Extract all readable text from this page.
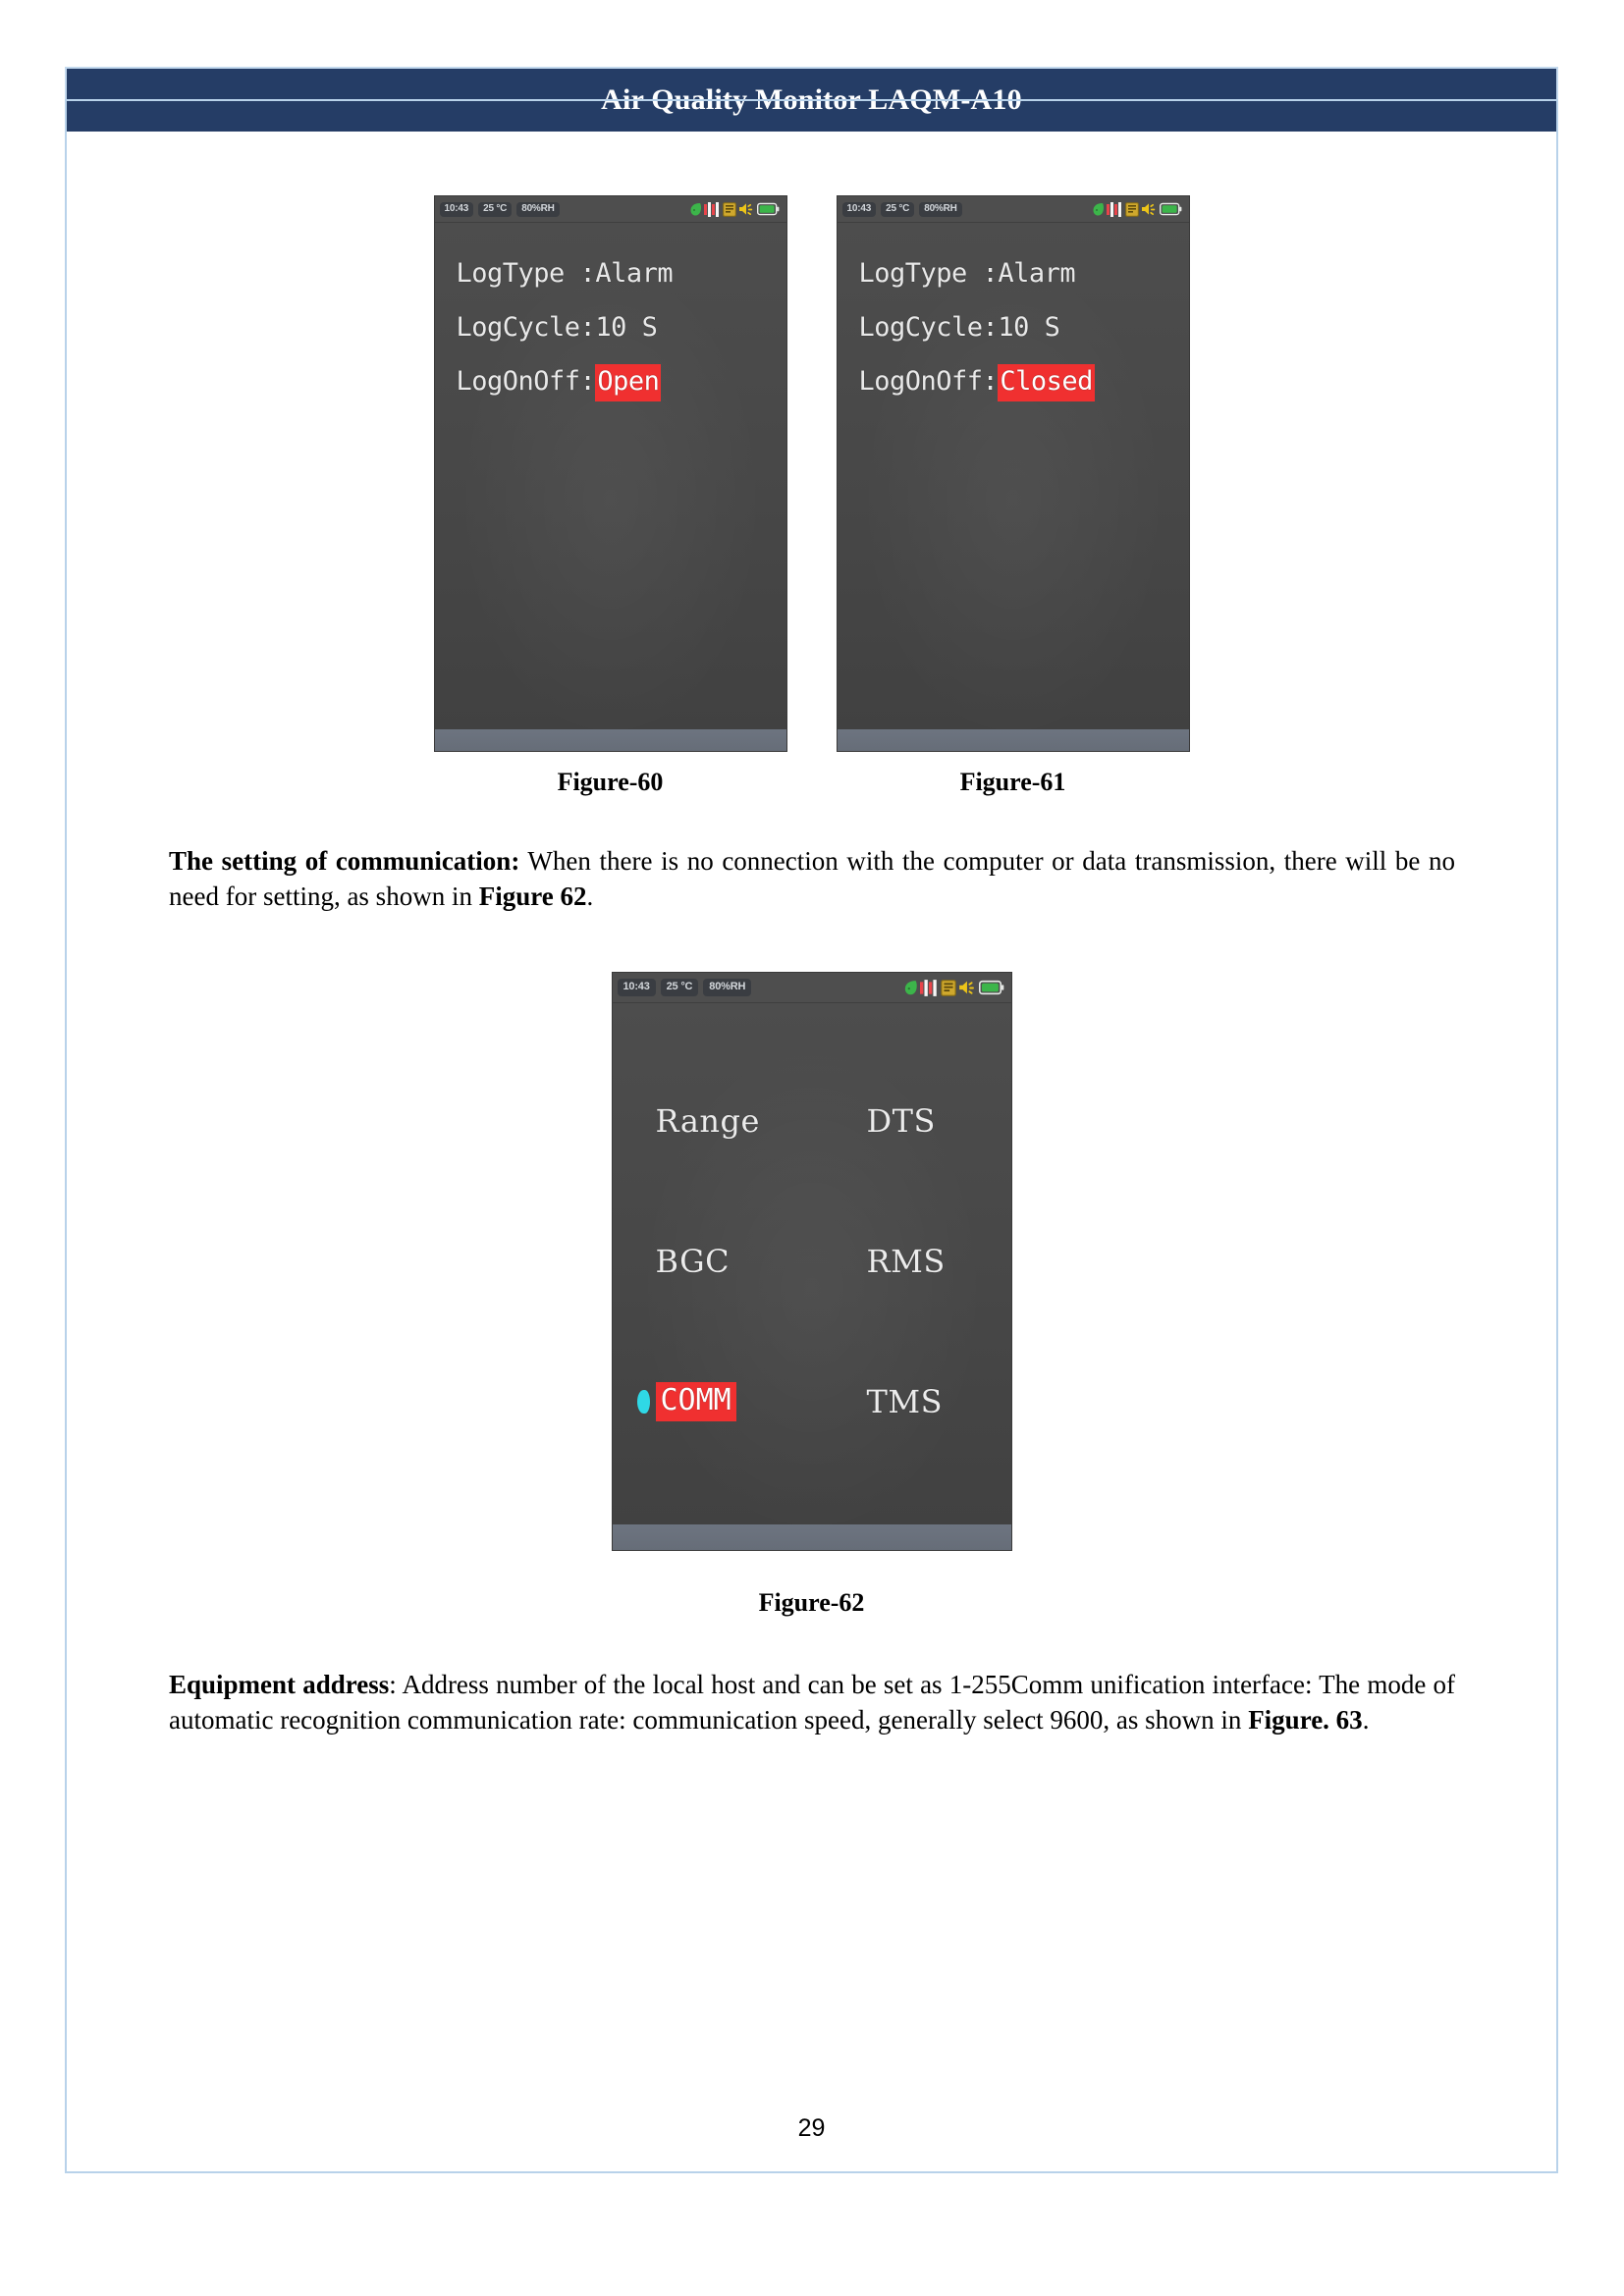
Air Quality Monitor LAQM-A10
10:43	25 °C	80%RH
LogType :Alarm
LogCycle:10 S
LogOnOff:Open
10:43	25 °C	80%RH
LogType :Alarm
LogCycle:10 S
LogOnOff:Closed
Figure-60	Figure-61
The setting of communication: When there is no connection with the computer or data transmission, there will be no need for setting, as shown in Figure 62.
10:43	25 °C	80%RH
Range	DTS
BGC	RMS
COMM	TMS
Figure-62
Equipment address: Address number of the local host and can be set as 1-255Comm unification interface: The mode of automatic recognition communication rate: communication speed, generally select 9600, as shown in Figure. 63.
29
